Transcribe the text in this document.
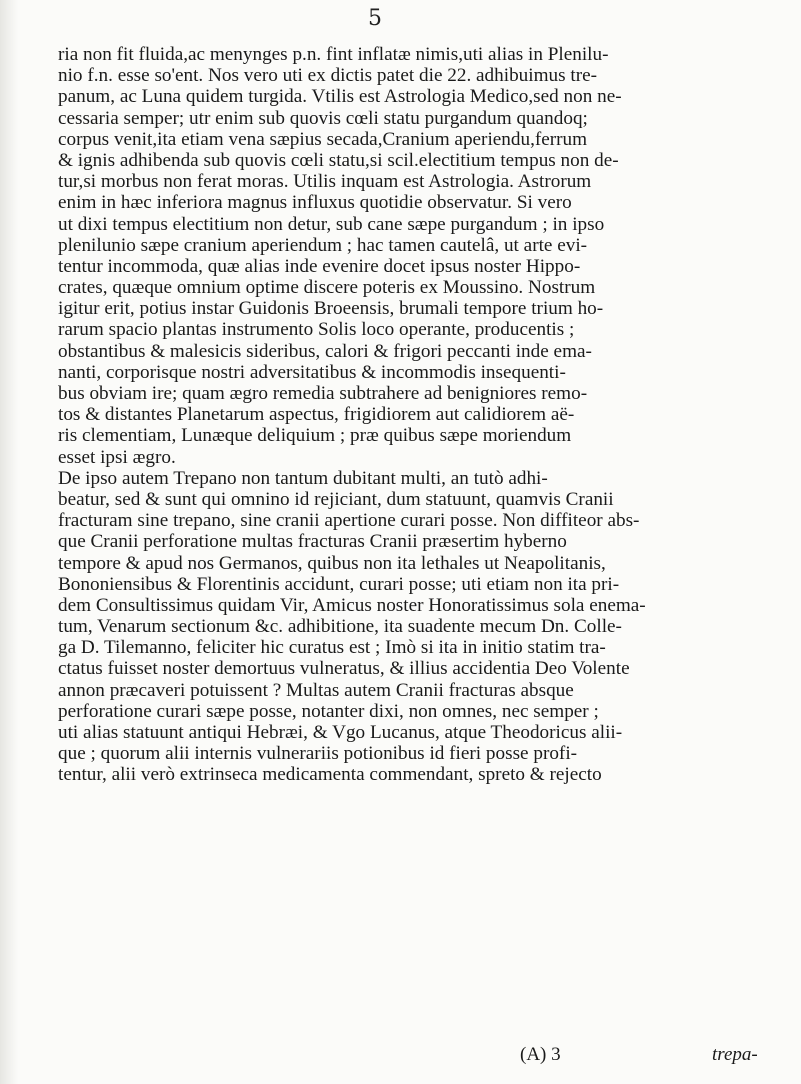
5
ria non fit fluida,ac menynges p.n. fint inflatæ nimis,uti alias in Plenilu-
nio f.n. esse so'ent. Nos vero uti ex dictis patet die 22. adhibuimus tre-
panum, ac Luna quidem turgida. Vtilis est Astrologia Medico,sed non ne-
cessaria semper; utr enim sub quovis cœli statu purgandum quandoq;
corpus venit,ita etiam vena sæpius secada,Cranium aperiendu,ferrum
& ignis adhibenda sub quovis cœli statu,si scil.electitium tempus non de-
tur,si morbus non ferat moras. Utilis inquam est Astrologia. Astrorum
enim in hæc inferiora magnus influxus quotidie observatur. Si vero
ut dixi tempus electitium non detur, sub cane sæpe purgandum ; in ipso
plenilunio sæpe cranium aperiendum ; hac tamen cautelâ, ut arte evi-
tentur incommoda, quæ alias inde evenire docet ipsus noster Hippo-
crates, quæque omnium optime discere poteris ex Moussino. Nostrum
igitur erit, potius instar Guidonis Broeensis, brumali tempore trium ho-
rarum spacio plantas instrumento Solis loco operante, producentis ;
obstantibus & malesicis sideribus, calori & frigori peccanti inde ema-
nanti, corporisque nostri adversitatibus & incommodis insequenti-
bus obviam ire; quam ægro remedia subtrahere ad benigniores remo-
tos & distantes Planetarum aspectus, frigidiorem aut calidiorem aë-
ris clementiam, Lunæque deliquium ; præ quibus sæpe moriendum
esset ipsi ægro.
De ipso autem Trepano non tantum dubitant multi, an tutò adhi-
beatur, sed & sunt qui omnino id rejiciant, dum statuunt, quamvis Cranii
fracturam sine trepano, sine cranii apertione curari posse. Non diffiteor abs-
que Cranii perforatione multas fracturas Cranii præsertim hyberno
tempore & apud nos Germanos, quibus non ita lethales ut Neapolitanis,
Bononiensibus & Florentinis accidunt, curari posse; uti etiam non ita pri-
dem Consultissimus quidam Vir, Amicus noster Honoratissimus sola enema-
tum, Venarum sectionum &c. adhibitione, ita suadente mecum Dn. Colle-
ga D. Tilemanno, feliciter hic curatus est ; Imò si ita in initio statim tra-
ctatus fuisset noster demortuus vulneratus, & illius accidentia Deo Volente
annon præcaveri potuissent ? Multas autem Cranii fracturas absque
perforatione curari sæpe posse, notanter dixi, non omnes, nec semper ;
uti alias statuunt antiqui Hebræi, & Vgo Lucanus, atque Theodoricus alii-
que ; quorum alii internis vulnerariis potionibus id fieri posse profi-
tentur, alii verò extrinseca medicamenta commendant, spreto & rejecto
(A) 3	trepa-
